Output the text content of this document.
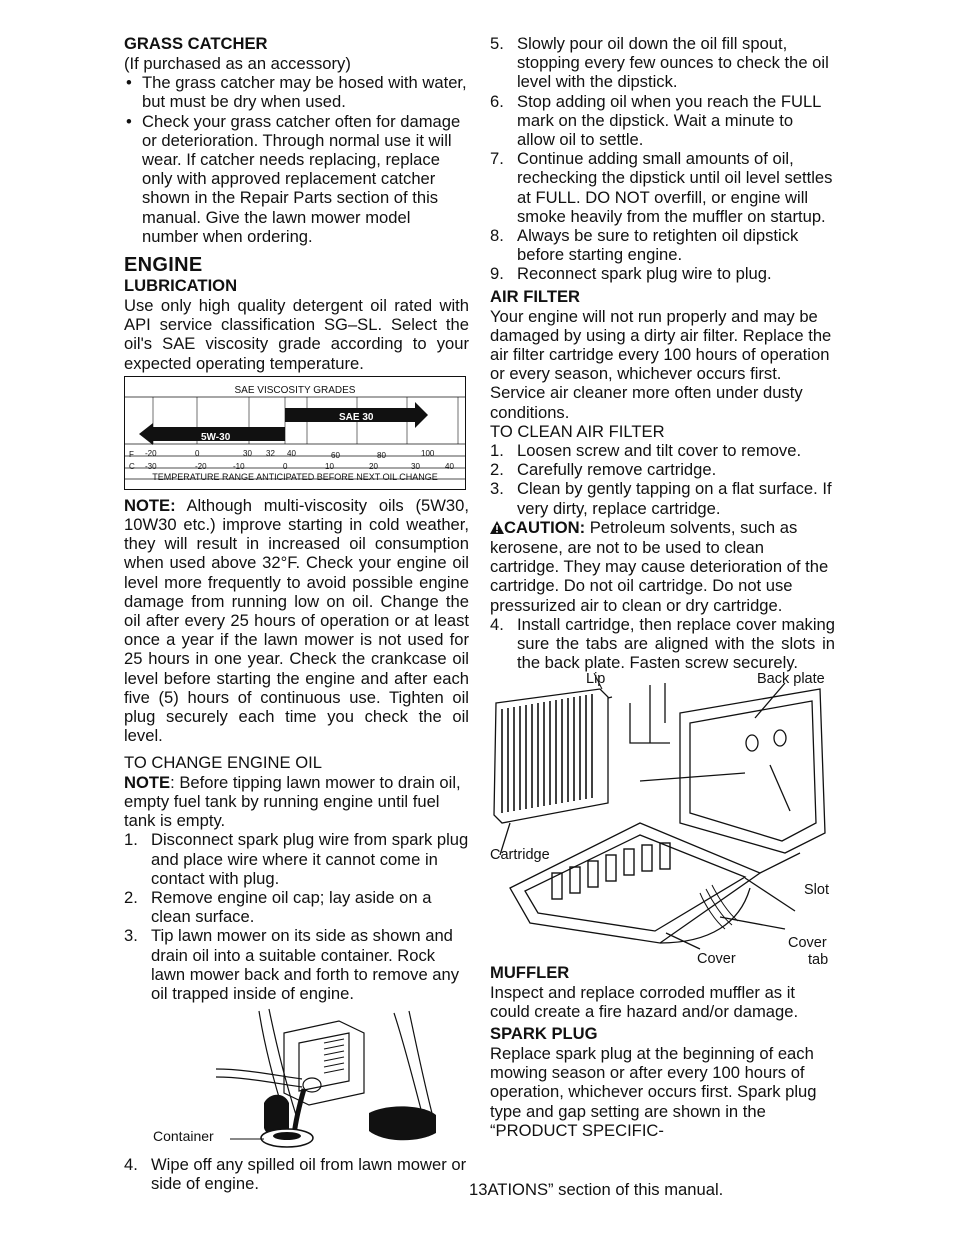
GRASS CATCHER

(If purchased as an accessory)

• The grass catcher may be hosed with water, but must be dry when used.
• Check your grass catcher often for damage or deterioration. Through normal use it will wear. If catcher needs replacing, replace only with approved replacement catcher shown in the Repair Parts section of this manual. Give the lawn mower model number when ordering.

ENGINE

LUBRICATION

Use only high quality detergent oil rated with API service classification SG–SL. Select the oil's SAE viscosity grade according to your expected operating temperature.

SAE VISCOSITY GRADES
SAE 30
5W-30
F
C
-20	0	30 32 40	60	80	100
-30	-20	-10	0	10	20	30	40
TEMPERATURE RANGE ANTICIPATED BEFORE NEXT OIL CHANGE

NOTE: Although multi-viscosity oils (5W30, 10W30 etc.) improve starting in cold weather, they will result in increased oil consumption when used above 32°F. Check your engine oil level more frequently to avoid possible engine damage from running low on oil. Change the oil after every 25 hours of operation or at least once a year if the lawn mower is not used for 25 hours in one year. Check the crankcase oil level before starting the engine and after each five (5) hours of continuous use. Tighten oil plug securely each time you check the oil level.

TO CHANGE ENGINE OIL

NOTE: Before tipping lawn mower to drain oil, empty fuel tank by running engine until fuel tank is empty.

1. Disconnect spark plug wire from spark plug and place wire where it cannot come in contact with plug.
2. Remove engine oil cap; lay aside on a clean surface.
3. Tip lawn mower on its side as shown and drain oil into a suitable container. Rock lawn mower back and forth to remove any oil trapped inside of engine.
Container
4. Wipe off any spilled oil from lawn mower or side of engine.
5. Slowly pour oil down the oil fill spout, stopping every few ounces to check the oil level with the dipstick.
6. Stop adding oil when you reach the FULL mark on the dipstick. Wait a minute to allow oil to settle.
7. Continue adding small amounts of oil, rechecking the dipstick until oil level settles at FULL. DO NOT overfill, or engine will smoke heavily from the muffler on startup.
8. Always be sure to retighten oil dipstick before starting engine.
9. Reconnect spark plug wire to plug.

AIR FILTER

Your engine will not run properly and may be damaged by using a dirty air filter. Replace the air filter cartridge every 100 hours of operation or every season, whichever occurs first. Service air cleaner more often under dusty conditions.

TO CLEAN AIR FILTER

1. Loosen screw and tilt cover to remove.
2. Carefully remove cartridge.
3. Clean by gently tapping on a flat surface. If very dirty, replace cartridge.

CAUTION: Petroleum solvents, such as kerosene, are not to be used to clean cartridge. They may cause deterioration of the cartridge. Do not oil cartridge. Do not use pressurized air to clean or dry cartridge.

4. Install cartridge, then replace cover making sure the tabs are aligned with the slots in the back plate. Fasten screw securely.
Lip	Back plate
Cartridge
Slot
Cover
tab
Cover

MUFFLER

Inspect and replace corroded muffler as it could create a fire hazard and/or damage.

SPARK PLUG

Replace spark plug at the beginning of each mowing season or after every 100 hours of operation, whichever occurs first. Spark plug type and gap setting are shown in the “PRODUCT SPECIFIC-

13ATIONS” section of this manual.
